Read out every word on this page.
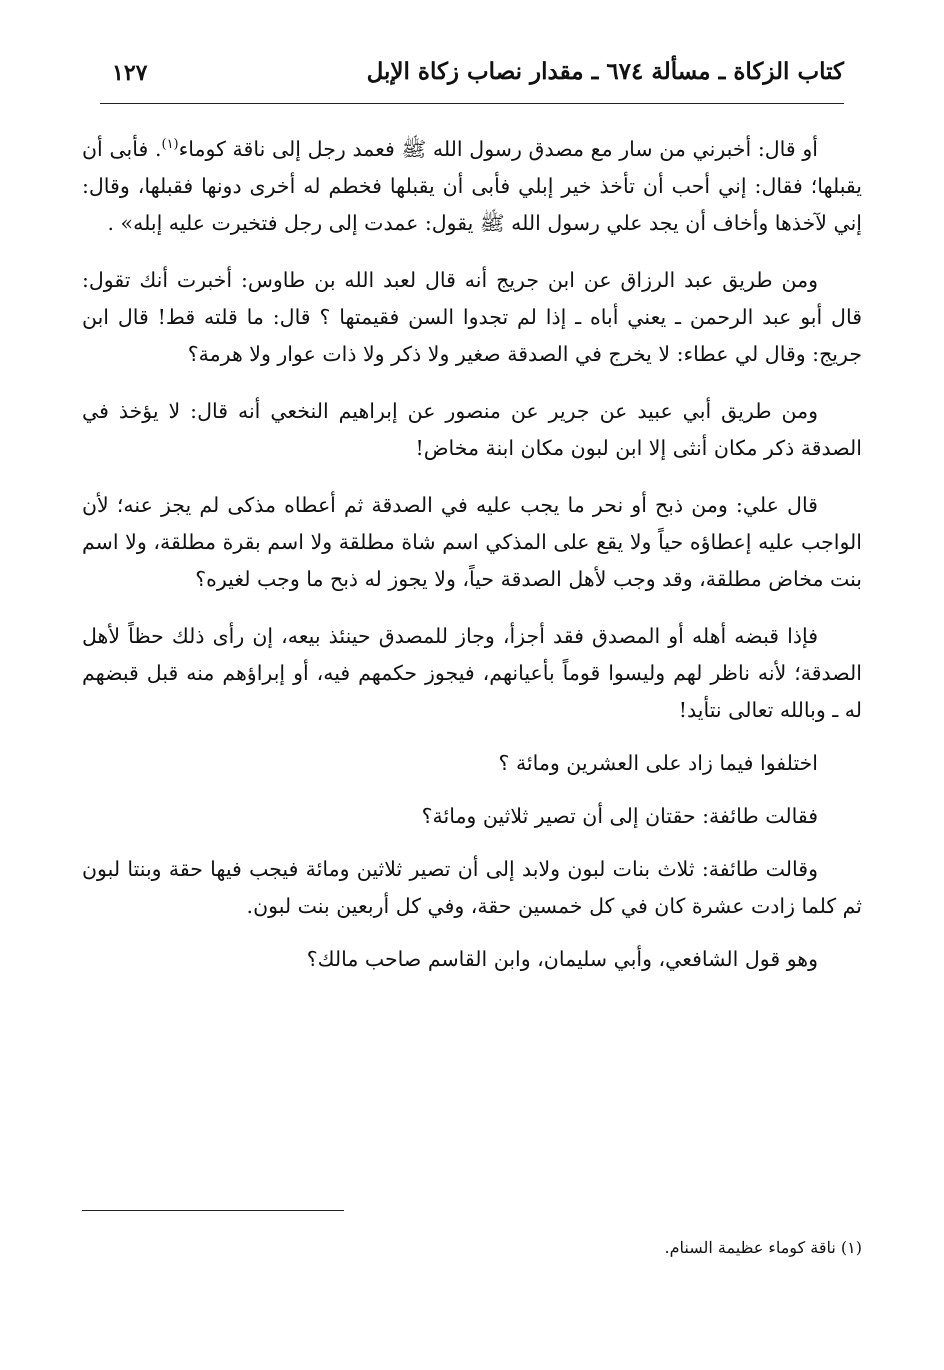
كتاب الزكاة ـ مسألة ٦٧٤ ـ مقدار نصاب زكاة الإبل
١٢٧

أو قال: أخبرني من سار مع مصدق رسول الله ﷺ فعمد رجل إلى ناقة كوماء$^{(١)}$. فأبى أن يقبلها؛ فقال: إني أحب أن تأخذ خير إبلي فأبى أن يقبلها فخطم له أخرى دونها فقبلها، وقال: إني لآخذها وأخاف أن يجد علي رسول الله ﷺ يقول: عمدت إلى رجل فتخيرت عليه إبله» .

ومن طريق عبد الرزاق عن ابن جريج أنه قال لعبد الله بن طاوس: أخبرت أنك تقول: قال أبو عبد الرحمن ـ يعني أباه ـ إذا لم تجدوا السن فقيمتها ؟ قال: ما قلته قط! قال ابن جريج: وقال لي عطاء: لا يخرج في الصدقة صغير ولا ذكر ولا ذات عوار ولا هرمة؟

ومن طريق أبي عبيد عن جرير عن منصور عن إبراهيم النخعي أنه قال: لا يؤخذ في الصدقة ذكر مكان أنثى إلا ابن لبون مكان ابنة مخاض!

قال علي: ومن ذبح أو نحر ما يجب عليه في الصدقة ثم أعطاه مذكى لم يجز عنه؛ لأن الواجب عليه إعطاؤه حياً ولا يقع على المذكي اسم شاة مطلقة ولا اسم بقرة مطلقة، ولا اسم بنت مخاض مطلقة، وقد وجب لأهل الصدقة حياً، ولا يجوز له ذبح ما وجب لغيره؟

فإذا قبضه أهله أو المصدق فقد أجزأ، وجاز للمصدق حينئذ بيعه، إن رأى ذلك حظاً لأهل الصدقة؛ لأنه ناظر لهم وليسوا قوماً بأعيانهم، فيجوز حكمهم فيه، أو إبراؤهم منه قبل قبضهم له ـ وبالله تعالى نتأيد!

اختلفوا فيما زاد على العشرين ومائة ؟

فقالت طائفة: حقتان إلى أن تصير ثلاثين ومائة؟

وقالت طائفة: ثلاث بنات لبون ولابد إلى أن تصير ثلاثين ومائة فيجب فيها حقة وبنتا لبون ثم كلما زادت عشرة كان في كل خمسين حقة، وفي كل أربعين بنت لبون.

وهو قول الشافعي، وأبي سليمان، وابن القاسم صاحب مالك؟

(١) ناقة كوماء عظيمة السنام.
